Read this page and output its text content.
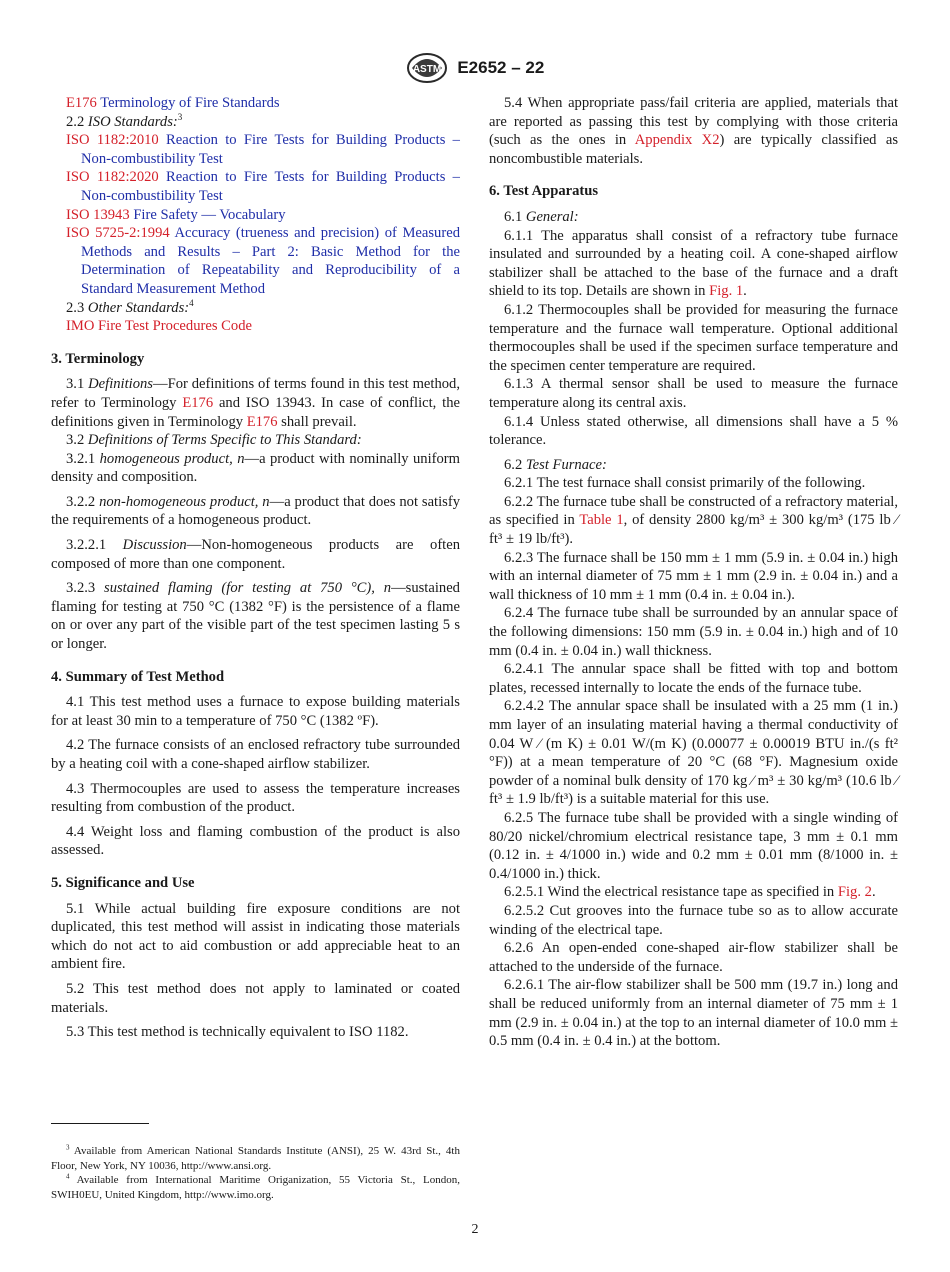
ASTM E2652 – 22

E176 Terminology of Fire Standards

2.2 ISO Standards:$^3$

ISO 1182:2010 Reaction to Fire Tests for Building Products – Non-combustibility Test

ISO 1182:2020 Reaction to Fire Tests for Building Products – Non-combustibility Test

ISO 13943 Fire Safety — Vocabulary

ISO 5725-2:1994 Accuracy (trueness and precision) of Measured Methods and Results – Part 2: Basic Method for the Determination of Repeatability and Reproducibility of a Standard Measurement Method

2.3 Other Standards:$^4$

IMO Fire Test Procedures Code

3. Terminology

3.1 Definitions—For definitions of terms found in this test method, refer to Terminology E176 and ISO 13943. In case of conflict, the definitions given in Terminology E176 shall prevail.

3.2 Definitions of Terms Specific to This Standard:

3.2.1 homogeneous product, n—a product with nominally uniform density and composition.

3.2.2 non-homogeneous product, n—a product that does not satisfy the requirements of a homogeneous product.

3.2.2.1 Discussion—Non-homogeneous products are often composed of more than one component.

3.2.3 sustained flaming (for testing at 750 °C), n—sustained flaming for testing at 750 °C (1382 °F) is the persistence of a flame on or over any part of the visible part of the test specimen lasting 5 s or longer.

4. Summary of Test Method

4.1 This test method uses a furnace to expose building materials for at least 30 min to a temperature of 750 °C (1382 ºF).

4.2 The furnace consists of an enclosed refractory tube surrounded by a heating coil with a cone-shaped airflow stabilizer.

4.3 Thermocouples are used to assess the temperature increases resulting from combustion of the product.

4.4 Weight loss and flaming combustion of the product is also assessed.

5. Significance and Use

5.1 While actual building fire exposure conditions are not duplicated, this test method will assist in indicating those materials which do not act to aid combustion or add appreciable heat to an ambient fire.

5.2 This test method does not apply to laminated or coated materials.

5.3 This test method is technically equivalent to ISO 1182.

$^3$ Available from American National Standards Institute (ANSI), 25 W. 43rd St., 4th Floor, New York, NY 10036, http://www.ansi.org.

$^4$ Available from International Maritime Origanization, 55 Victoria St., London, SWIH0EU, United Kingdom, http://www.imo.org.

5.4 When appropriate pass/fail criteria are applied, materials that are reported as passing this test by complying with those criteria (such as the ones in Appendix X2) are typically classified as noncombustible materials.

6. Test Apparatus

6.1 General:

6.1.1 The apparatus shall consist of a refractory tube furnace insulated and surrounded by a heating coil. A cone-shaped airflow stabilizer shall be attached to the base of the furnace and a draft shield to its top. Details are shown in Fig. 1.

6.1.2 Thermocouples shall be provided for measuring the furnace temperature and the furnace wall temperature. Optional additional thermocouples shall be used if the specimen surface temperature and the specimen center temperature are required.

6.1.3 A thermal sensor shall be used to measure the furnace temperature along its central axis.

6.1.4 Unless stated otherwise, all dimensions shall have a 5 % tolerance.

6.2 Test Furnace:

6.2.1 The test furnace shall consist primarily of the following.

6.2.2 The furnace tube shall be constructed of a refractory material, as specified in Table 1, of density 2800 kg/m³ ± 300 kg/m³ (175 lb ⁄ ft³ ± 19 lb/ft³).

6.2.3 The furnace shall be 150 mm ± 1 mm (5.9 in. ± 0.04 in.) high with an internal diameter of 75 mm ± 1 mm (2.9 in. ± 0.04 in.) and a wall thickness of 10 mm ± 1 mm (0.4 in. ± 0.04 in.).

6.2.4 The furnace tube shall be surrounded by an annular space of the following dimensions: 150 mm (5.9 in. ± 0.04 in.) high and of 10 mm (0.4 in. ± 0.04 in.) wall thickness.

6.2.4.1 The annular space shall be fitted with top and bottom plates, recessed internally to locate the ends of the furnace tube.

6.2.4.2 The annular space shall be insulated with a 25 mm (1 in.) mm layer of an insulating material having a thermal conductivity of 0.04 W ⁄ (m K) ± 0.01 W/(m K) (0.00077 ± 0.00019 BTU in./(s ft² °F)) at a mean temperature of 20 °C (68 °F). Magnesium oxide powder of a nominal bulk density of 170 kg ⁄ m³ ± 30 kg/m³ (10.6 lb ⁄ ft³ ± 1.9 lb/ft³) is a suitable material for this use.

6.2.5 The furnace tube shall be provided with a single winding of 80/20 nickel/chromium electrical resistance tape, 3 mm ± 0.1 mm (0.12 in. ± 4/1000 in.) wide and 0.2 mm ± 0.01 mm (8/1000 in. ± 0.4/1000 in.) thick.

6.2.5.1 Wind the electrical resistance tape as specified in Fig. 2.

6.2.5.2 Cut grooves into the furnace tube so as to allow accurate winding of the electrical tape.

6.2.6 An open-ended cone-shaped air-flow stabilizer shall be attached to the underside of the furnace.

6.2.6.1 The air-flow stabilizer shall be 500 mm (19.7 in.) long and shall be reduced uniformly from an internal diameter of 75 mm ± 1 mm (2.9 in. ± 0.04 in.) at the top to an internal diameter of 10.0 mm ± 0.5 mm (0.4 in. ± 0.4 in.) at the bottom.

2
